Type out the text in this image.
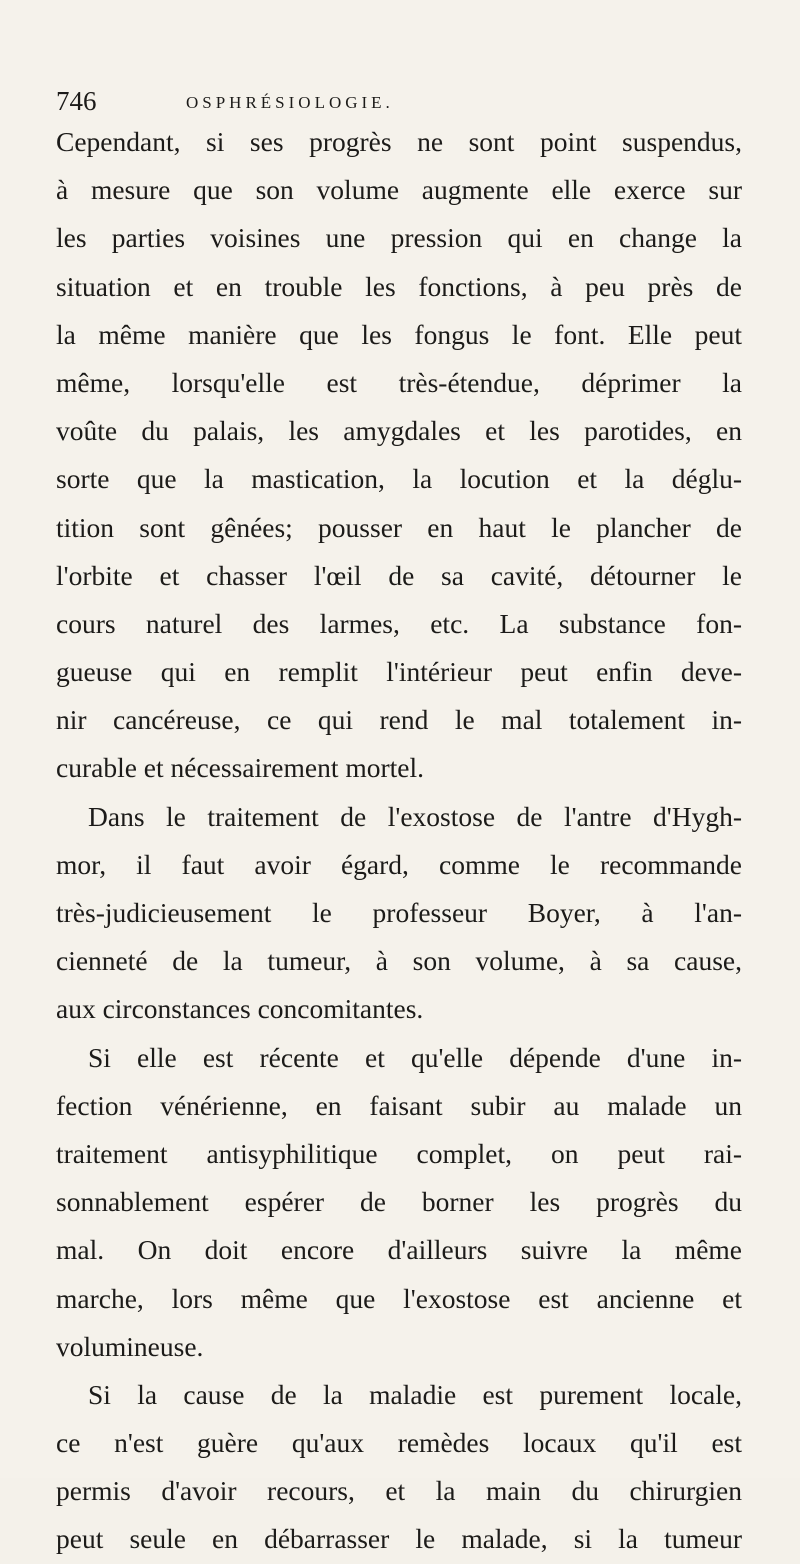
746	OSPHRÉSIOLOGIE.
Cependant, si ses progrès ne sont point suspendus,
à mesure que son volume augmente elle exerce sur
les parties voisines une pression qui en change la
situation et en trouble les fonctions, à peu près de
la même manière que les fongus le font. Elle peut
même, lorsqu'elle est très-étendue, déprimer la
voûte du palais, les amygdales et les parotides, en
sorte que la mastication, la locution et la déglu-
tition sont gênées; pousser en haut le plancher de
l'orbite et chasser l'œil de sa cavité, détourner le
cours naturel des larmes, etc. La substance fon-
gueuse qui en remplit l'intérieur peut enfin deve-
nir cancéreuse, ce qui rend le mal totalement in-
curable et nécessairement mortel.
Dans le traitement de l'exostose de l'antre d'Hygh-
mor, il faut avoir égard, comme le recommande
très-judicieusement le professeur Boyer, à l'an-
cienneté de la tumeur, à son volume, à sa cause,
aux circonstances concomitantes.
Si elle est récente et qu'elle dépende d'une in-
fection vénérienne, en faisant subir au malade un
traitement antisyphilitique complet, on peut rai-
sonnablement espérer de borner les progrès du
mal. On doit encore d'ailleurs suivre la même
marche, lors même que l'exostose est ancienne et
volumineuse.
Si la cause de la maladie est purement locale,
ce n'est guère qu'aux remèdes locaux qu'il est
permis d'avoir recours, et la main du chirurgien
peut seule en débarrasser le malade, si la tumeur
